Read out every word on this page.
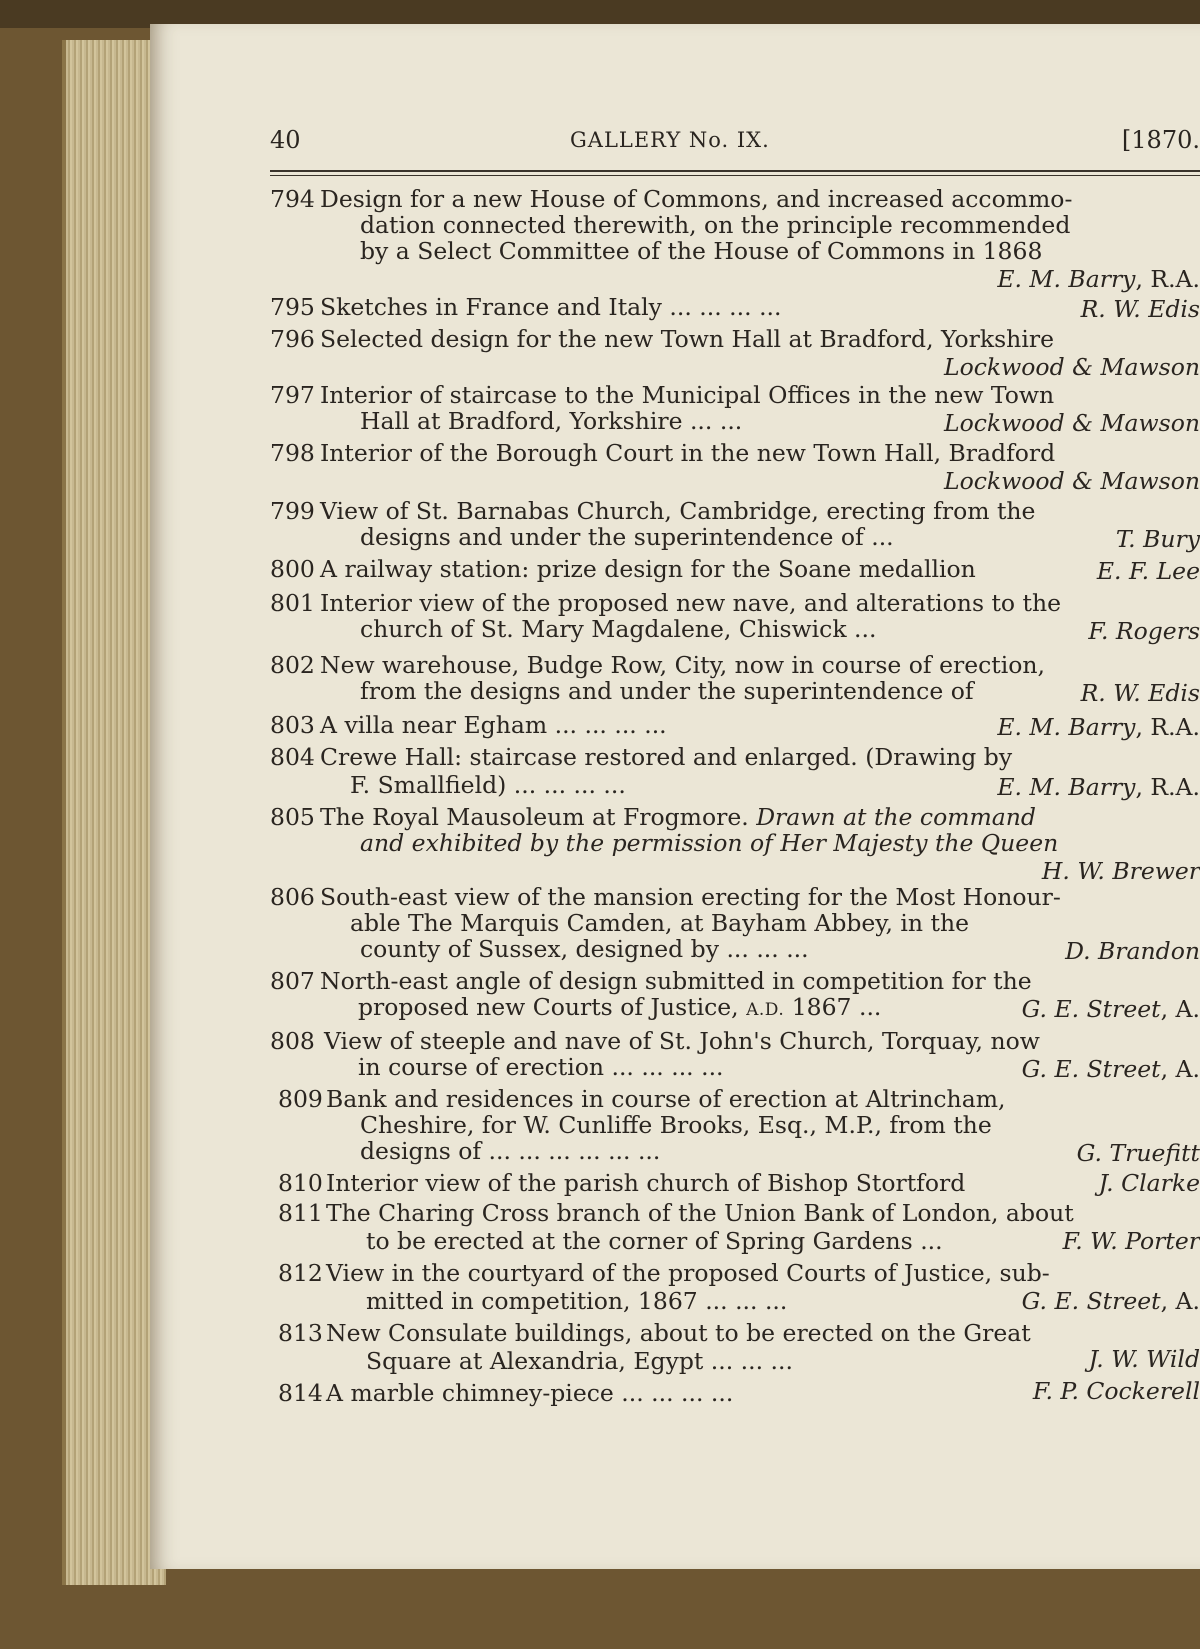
40	GALLERY No. IX.	[1870.
794 Design for a new House of Commons, and increased accommo-
dation connected therewith, on the principle recommended
by a Select Committee of the House of Commons in 1868
E. M. Barry, R.A.
795 Sketches in France and Italy ... ... ... ...	R. W. Edis
796 Selected design for the new Town Hall at Bradford, Yorkshire
Lockwood & Mawson
797 Interior of staircase to the Municipal Offices in the new Town
Hall at Bradford, Yorkshire ... ...	Lockwood & Mawson
798 Interior of the Borough Court in the new Town Hall, Bradford
Lockwood & Mawson
799 View of St. Barnabas Church, Cambridge, erecting from the
designs and under the superintendence of ...	T. Bury
800 A railway station: prize design for the Soane medallion	E. F. Lee
801 Interior view of the proposed new nave, and alterations to the
church of St. Mary Magdalene, Chiswick ...	F. Rogers
802 New warehouse, Budge Row, City, now in course of erection,
from the designs and under the superintendence of	R. W. Edis
803 A villa near Egham ... ... ... ...	E. M. Barry, R.A.
804 Crewe Hall: staircase restored and enlarged. (Drawing by
F. Smallfield) ... ... ... ...	E. M. Barry, R.A.
805 The Royal Mausoleum at Frogmore. Drawn at the command
and exhibited by the permission of Her Majesty the Queen
H. W. Brewer
806 South-east view of the mansion erecting for the Most Honour-
able The Marquis Camden, at Bayham Abbey, in the
county of Sussex, designed by ... ... ...	D. Brandon
807 North-east angle of design submitted in competition for the
proposed new Courts of Justice, A.D. 1867 ...	G. E. Street, A.
808 View of steeple and nave of St. John's Church, Torquay, now
in course of erection ... ... ... ...	G. E. Street, A.
809 Bank and residences in course of erection at Altrincham,
Cheshire, for W. Cunliffe Brooks, Esq., M.P., from the
designs of ... ... ... ... ... ...	G. Truefitt
810 Interior view of the parish church of Bishop Stortford	J. Clarke
811 The Charing Cross branch of the Union Bank of London, about
to be erected at the corner of Spring Gardens ...	F. W. Porter
812 View in the courtyard of the proposed Courts of Justice, sub-
mitted in competition, 1867 ... ... ...	G. E. Street, A.
813 New Consulate buildings, about to be erected on the Great
Square at Alexandria, Egypt ... ... ...	J. W. Wild
814 A marble chimney-piece ... ... ... ...	F. P. Cockerell
